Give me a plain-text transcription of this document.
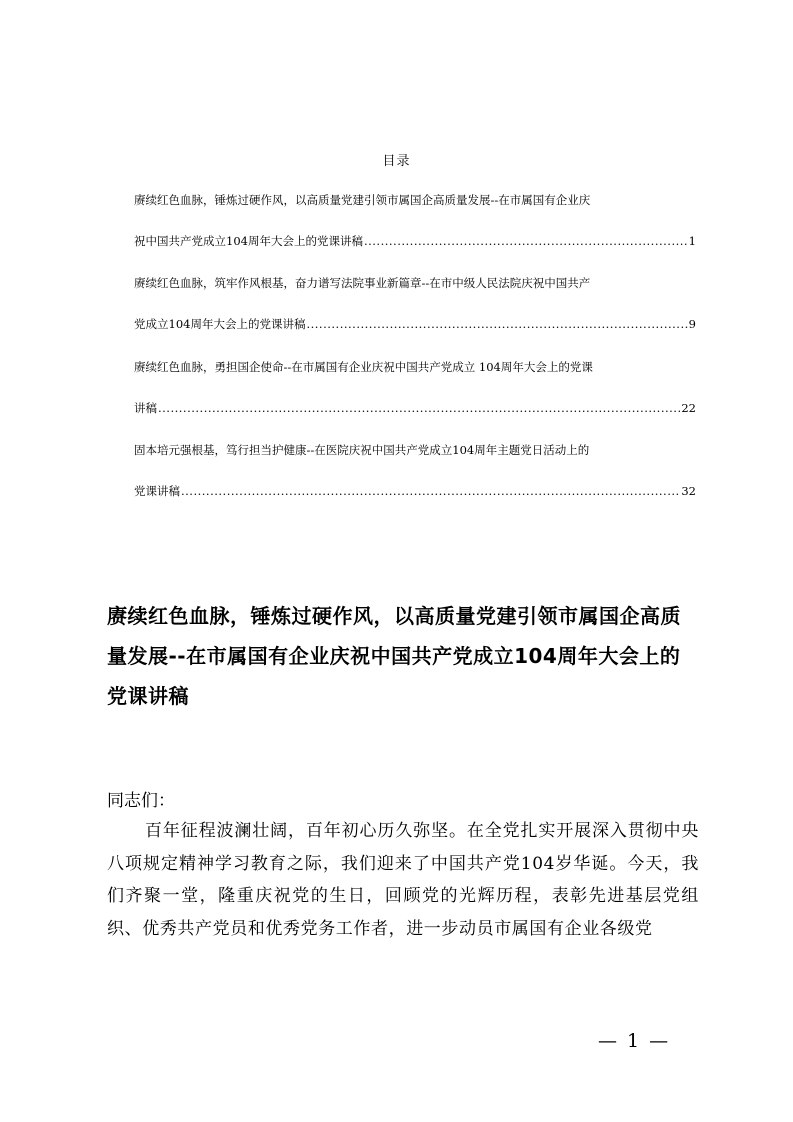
目录
赓续红色血脉，锤炼过硬作风，以高质量党建引领市属国企高质量发展--在市属国有企业庆
祝中国共产党成立104周年大会上的党课讲稿 .....	1
赓续红色血脉，筑牢作风根基，奋力谱写法院事业新篇章--在市中级人民法院庆祝中国共产
党成立104周年大会上的党课讲稿 .....	9
赓续红色血脉，勇担国企使命--在市属国有企业庆祝中国共产党成立 104周年大会上的党课
讲稿 .....	22
固本培元强根基，笃行担当护健康--在医院庆祝中国共产党成立104周年主题党日活动上的
党课讲稿 .....	32
赓续红色血脉，锤炼过硬作风，以高质量党建引领市属国企高质量发展--在市属国有企业庆祝中国共产党成立104周年大会上的党课讲稿
同志们：

百年征程波澜壮阔，百年初心历久弥坚。在全党扎实开展深入贯彻中央八项规定精神学习教育之际，我们迎来了中国共产党104岁华诞。今天，我们齐聚一堂，隆重庆祝党的生日，回顾党的光辉历程，表彰先进基层党组织、优秀共产党员和优秀党务工作者，进一步动员市属国有企业各级党

— 1 —
